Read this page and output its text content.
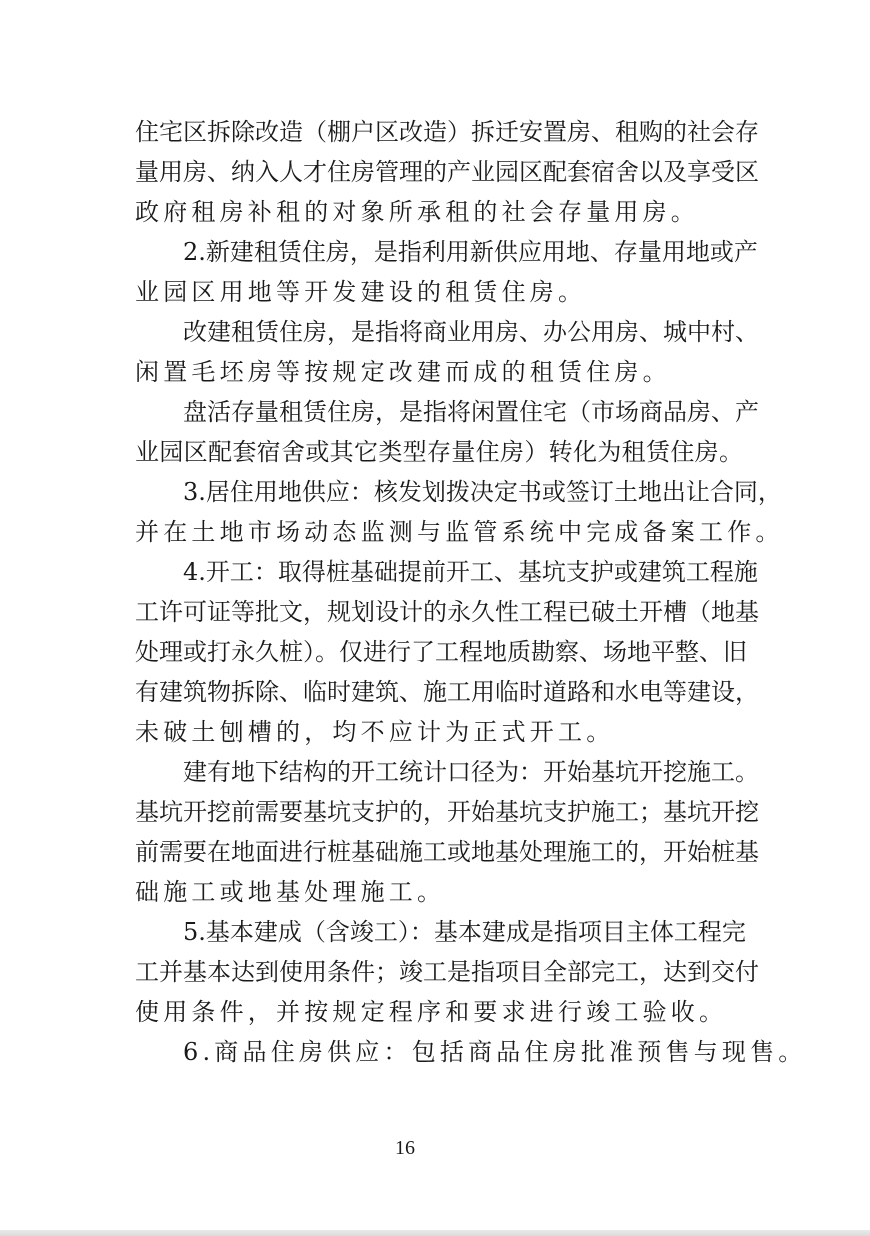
住宅区拆除改造（棚户区改造）拆迁安置房、租购的社会存
量用房、纳入人才住房管理的产业园区配套宿舍以及享受区
政府租房补租的对象所承租的社会存量用房。
2.新建租赁住房，是指利用新供应用地、存量用地或产
业园区用地等开发建设的租赁住房。
改建租赁住房，是指将商业用房、办公用房、城中村、
闲置毛坯房等按规定改建而成的租赁住房。
盘活存量租赁住房，是指将闲置住宅（市场商品房、产
业园区配套宿舍或其它类型存量住房）转化为租赁住房。
3.居住用地供应：核发划拨决定书或签订土地出让合同，
并在土地市场动态监测与监管系统中完成备案工作。
4.开工：取得桩基础提前开工、基坑支护或建筑工程施
工许可证等批文，规划设计的永久性工程已破土开槽（地基
处理或打永久桩）。仅进行了工程地质勘察、场地平整、旧
有建筑物拆除、临时建筑、施工用临时道路和水电等建设，
未破土刨槽的，均不应计为正式开工。
建有地下结构的开工统计口径为：开始基坑开挖施工。
基坑开挖前需要基坑支护的，开始基坑支护施工；基坑开挖
前需要在地面进行桩基础施工或地基处理施工的，开始桩基
础施工或地基处理施工。
5.基本建成（含竣工）：基本建成是指项目主体工程完
工并基本达到使用条件；竣工是指项目全部完工，达到交付
使用条件，并按规定程序和要求进行竣工验收。
6.商品住房供应：包括商品住房批准预售与现售。
16
